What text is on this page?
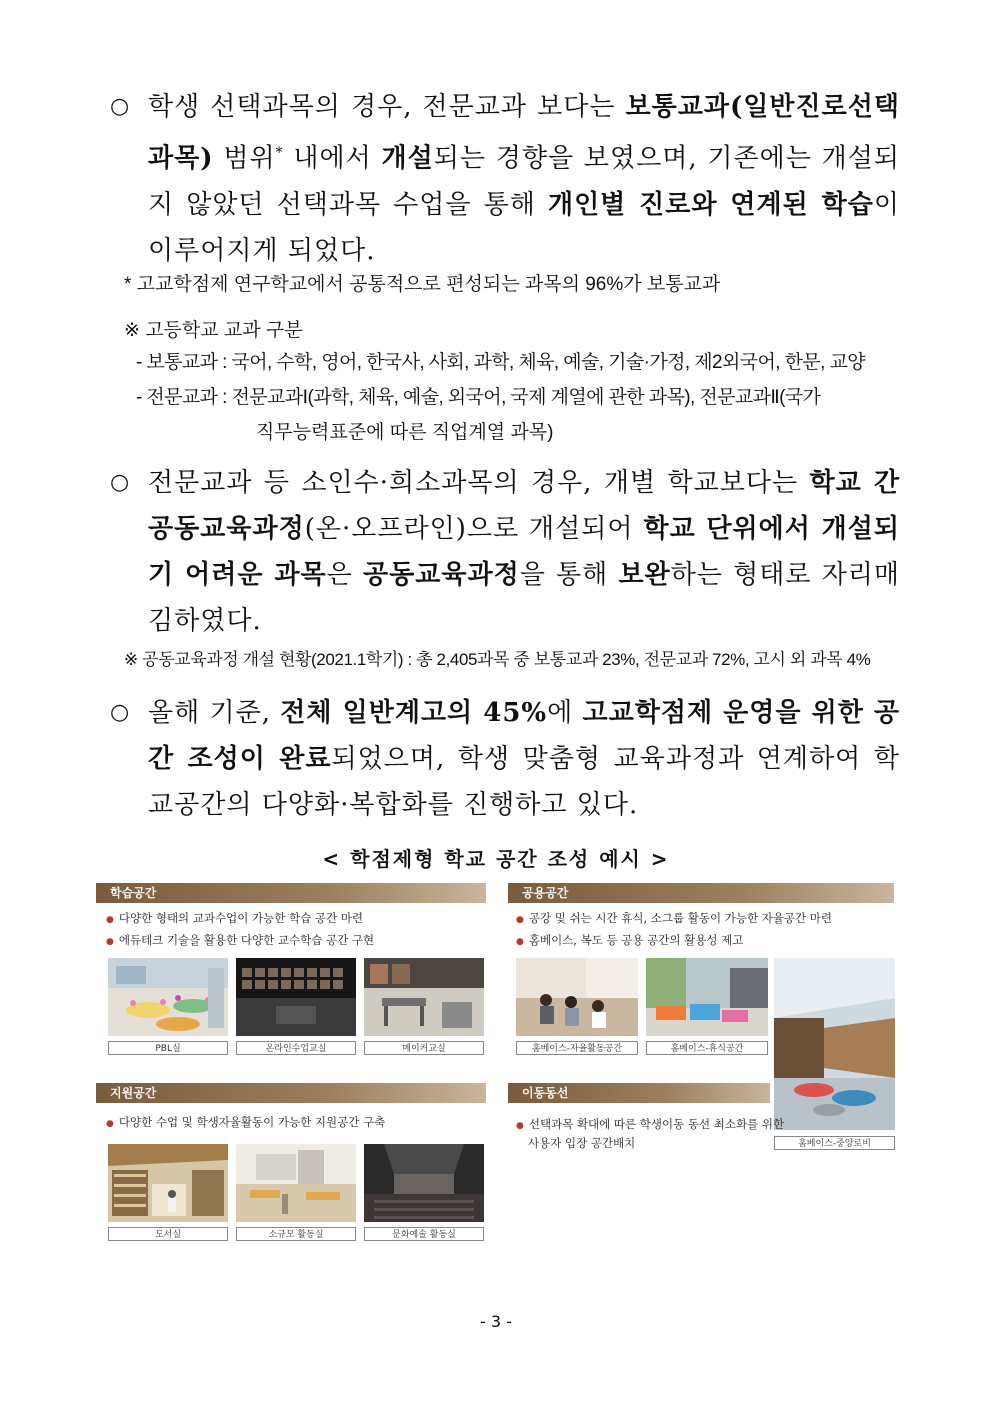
○ 학생 선택과목의 경우, 전문교과 보다는 보통교과(일반진로선택과목) 범위* 내에서 개설되는 경향을 보였으며, 기존에는 개설되지 않았던 선택과목 수업을 통해 개인별 진로와 연계된 학습이 이루어지게 되었다.
* 고교학점제 연구학교에서 공통적으로 편성되는 과목의 96%가 보통교과
※ 고등학교 교과 구분
- 보통교과 : 국어, 수학, 영어, 한국사, 사회, 과학, 체육, 예술, 기술·가정, 제2외국어, 한문, 교양
- 전문교과 : 전문교과Ⅰ(과학, 체육, 예술, 외국어, 국제 계열에 관한 과목), 전문교과Ⅱ(국가
직무능력표준에 따른 직업계열 과목)
○ 전문교과 등 소인수·희소과목의 경우, 개별 학교보다는 학교 간 공동교육과정(온·오프라인)으로 개설되어 학교 단위에서 개설되기 어려운 과목은 공동교육과정을 통해 보완하는 형태로 자리매김하였다.
※ 공동교육과정 개설 현황(2021.1학기) : 총 2,405과목 중 보통교과 23%, 전문교과 72%, 고시 외 과목 4%
○ 올해 기준, 전체 일반계고의 45%에 고교학점제 운영을 위한 공간 조성이 완료되었으며, 학생 맞춤형 교육과정과 연계하여 학교공간의 다양화·복합화를 진행하고 있다.
< 학점제형 학교 공간 조성 예시 >
학습공간
● 다양한 형태의 교과수업이 가능한 학습 공간 마련
● 에듀테크 기술을 활용한 다양한 교수학습 공간 구현
PBL실	온라인수업교실	메이커교실
공용공간
● 공강 및 쉬는 시간 휴식, 소그룹 활동이 가능한 자율공간 마련
● 홈베이스, 복도 등 공용 공간의 활용성 제고
홈베이스-자율활동공간	홈베이스-휴식공간
홈베이스-중앙로비
지원공간
● 다양한 수업 및 학생자율활동이 가능한 지원공간 구축
도서실	소규모 활동실	문화예술 활동실
이동동선
● 선택과목 확대에 따른 학생이동 동선 최소화를 위한
사용자 입장 공간배치
- 3 -
